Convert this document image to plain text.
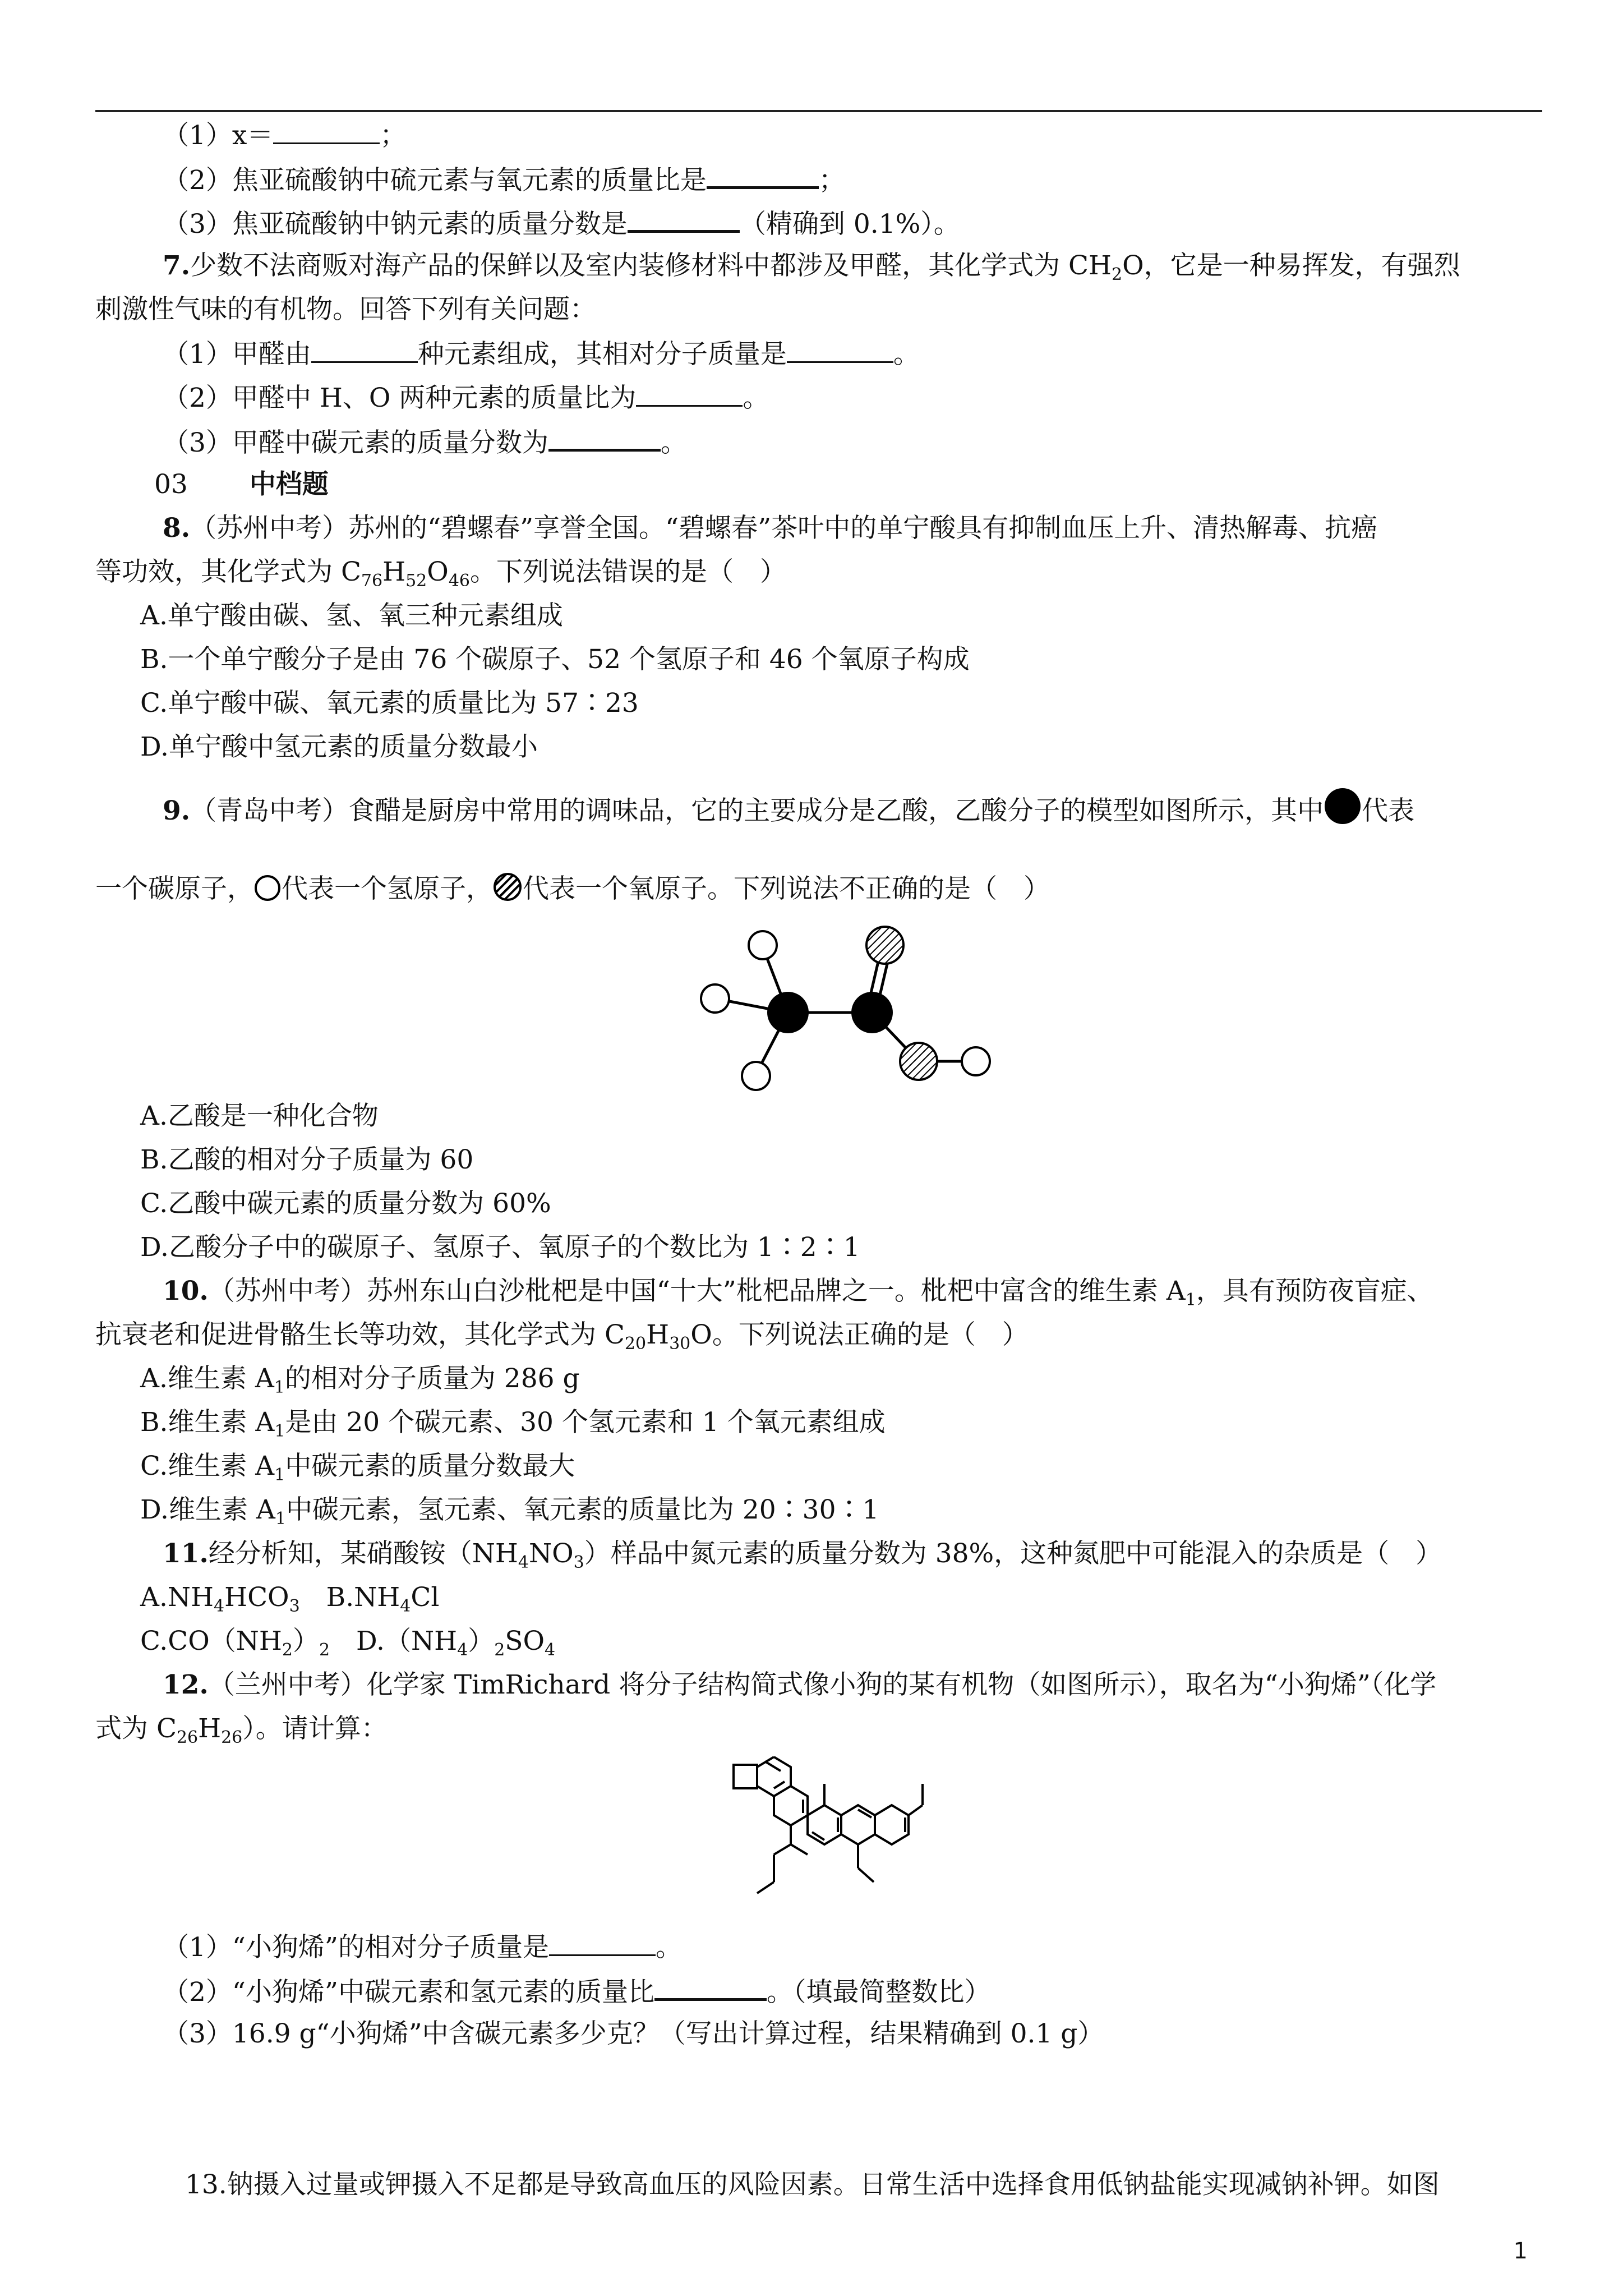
（1）x＝	；
（2）焦亚硫酸钠中硫元素与氧元素的质量比是	；
（3）焦亚硫酸钠中钠元素的质量分数是	（精确到 0.1%）。
7.少数不法商贩对海产品的保鲜以及室内装修材料中都涉及甲醛，其化学式为 $CH_2O$，它是一种易挥发，有强烈
刺激性气味的有机物。回答下列有关问题：
（1）甲醛由	种元素组成，其相对分子质量是	。
（2）甲醛中 H、O 两种元素的质量比为	。
（3）甲醛中碳元素的质量分数为	。
03 中档题
8.（苏州中考）苏州的“碧螺春”享誉全国。“碧螺春”茶叶中的单宁酸具有抑制血压上升、清热解毒、抗癌
等功效，其化学式为 $C_{76}H_{52}O_{46}$。下列说法错误的是（　）
A.单宁酸由碳、氢、氧三种元素组成
B.一个单宁酸分子是由 76 个碳原子、52 个氢原子和 46 个氧原子构成
C.单宁酸中碳、氧元素的质量比为 57∶23
D.单宁酸中氢元素的质量分数最小
9.（青岛中考）食醋是厨房中常用的调味品，它的主要成分是乙酸，乙酸分子的模型如图所示，其中 代表
一个碳原子， 代表一个氢原子， 代表一个氧原子。下列说法不正确的是（　）
A.乙酸是一种化合物
B.乙酸的相对分子质量为 60
C.乙酸中碳元素的质量分数为 60%
D.乙酸分子中的碳原子、氢原子、氧原子的个数比为 1∶2∶1
10.（苏州中考）苏州东山白沙枇杷是中国“十大”枇杷品牌之一。枇杷中富含的维生素 $A_1$，具有预防夜盲症、
抗衰老和促进骨骼生长等功效，其化学式为 $C_{20}H_{30}O$。下列说法正确的是（　）
A.维生素 $A_1$的相对分子质量为 286 g
B.维生素 $A_1$是由 20 个碳元素、30 个氢元素和 1 个氧元素组成
C.维生素 $A_1$中碳元素的质量分数最大
D.维生素 $A_1$中碳元素，氢元素、氧元素的质量比为 20∶30∶1
11.经分析知，某硝酸铵$(NH_4NO_3)$样品中氮元素的质量分数为 38%，这种氮肥中可能混入的杂质是（　）
$A.NH_4HCO_3$　$B.NH_4Cl$
$C.CO(NH_2)_2$　$D.(NH_4)_2SO_4$
12.（兰州中考）化学家 TimRichard 将分子结构简式像小狗的某有机物（如图所示），取名为“小狗烯”（化学
式为 $C_{26}H_{26}$）。请计算：
（1）“小狗烯”的相对分子质量是	。
（2）“小狗烯”中碳元素和氢元素的质量比	。（填最简整数比）
（3）16.9 g“小狗烯”中含碳元素多少克？（写出计算过程，结果精确到 0.1 g）
13.钠摄入过量或钾摄入不足都是导致高血压的风险因素。日常生活中选择食用低钠盐能实现减钠补钾。如图
1
